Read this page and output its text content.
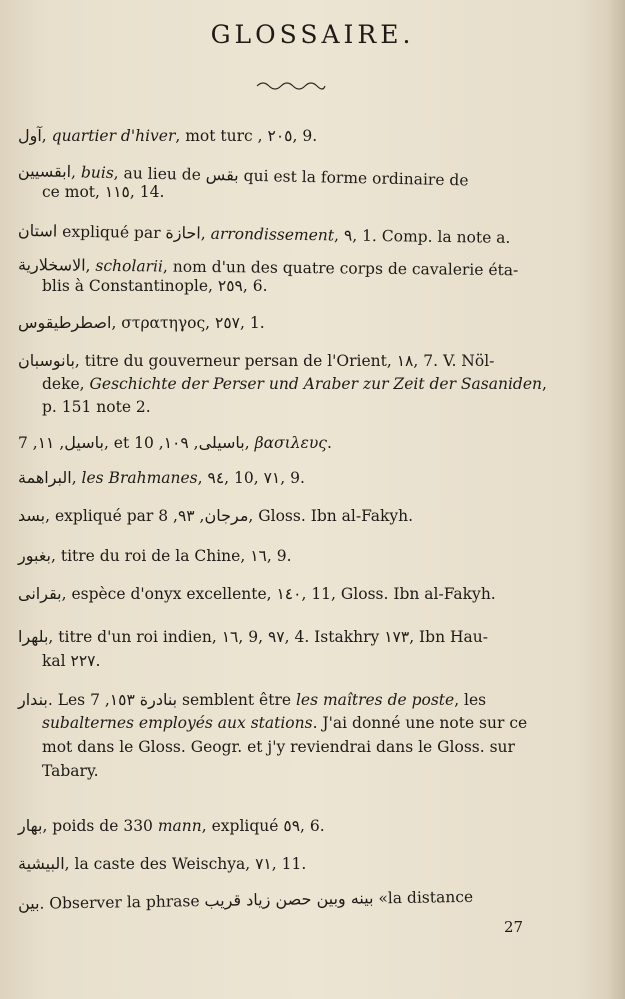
GLOSSAIRE.
آول, quartier d'hiver, mot turc , ٢٠٥, 9.
ابقسيين, buis, au lieu de بقس qui est la forme ordinaire de
ce mot, ١١٥, 14.
استان expliqué par احازة, arrondissement, ٩, 1. Comp. la note a.
الاسخلارية, scholarii, nom d'un des quatre corps de cavalerie éta-
blis à Constantinople, ٢٥٩, 6.
اصطرطيقوس, στρατηγος, ٢٥٧, 1.
بانوسبان, titre du gouverneur persan de l'Orient, ١٨, 7. V. Nöl-
deke, Geschichte der Perser und Araber zur Zeit der Sasaniden,
p. 151 note 2.
باسيل, ١١, 7, et	باسيلى, ١٠٩, 10, βασιλευς.
البراهمة, les Brahmanes, ٩٤, 10, ٧١, 9.
بسد, expliqué par	مرجان, ٩٣, 8, Gloss. Ibn al-Fakyh.
بغبور, titre du roi de la Chine, ١٦, 9.
بقرانى, espèce d'onyx excellente, ١٤٠, 11, Gloss. Ibn al-Fakyh.
بلهرا, titre d'un roi indien, ١٦, 9, ٩٧, 4. Istakhry ١٧٣, Ibn Hau-
kal ٢٢٧.
بندار. Les	بنادرة ١٥٣, 7 semblent être les maîtres de poste, les
subalternes employés aux stations. J'ai donné une note sur ce
mot dans le Gloss. Geogr. et j'y reviendrai dans le Gloss. sur
Tabary.
بهار, poids de 330 mann, expliqué ٥٩, 6.
البيشية, la caste des Weischya, ٧١, 11.
بين. Observer la phrase بينه وبين حصن زياد قريب «la distance
27
